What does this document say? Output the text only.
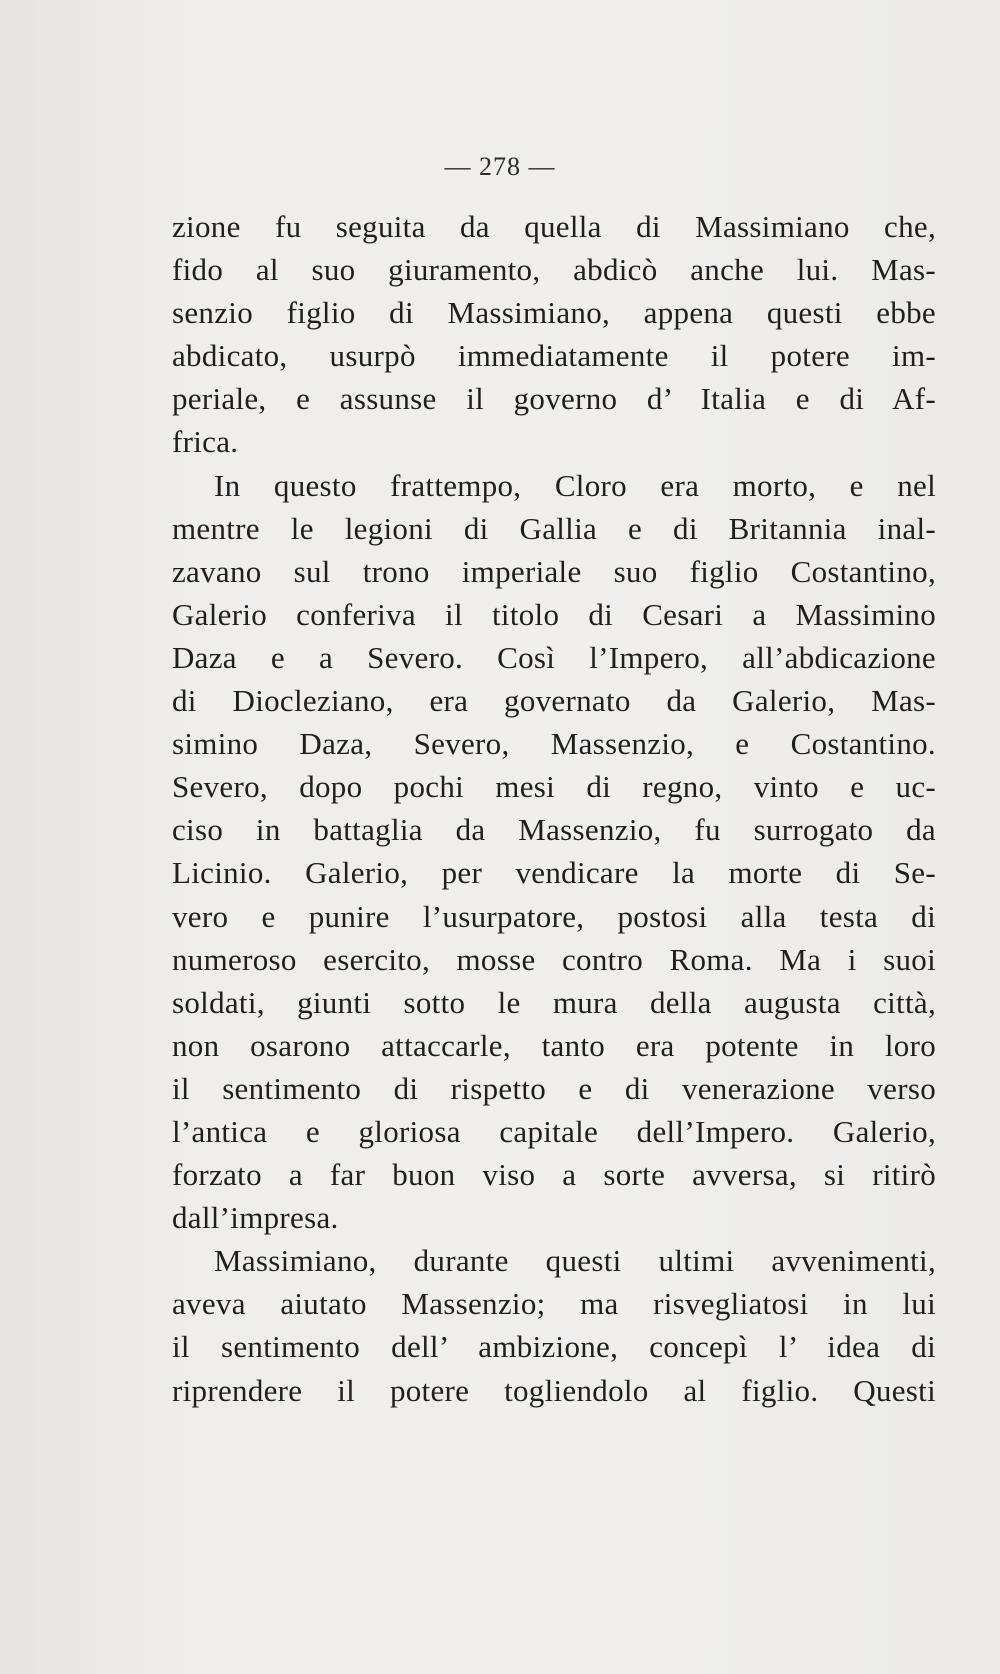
— 278 —
zione fu seguita da quella di Massimiano che,
fido al suo giuramento, abdicò anche lui. Mas-
senzio figlio di Massimiano, appena questi ebbe
abdicato, usurpò immediatamente il potere im-
periale, e assunse il governo d’ Italia e di Af-
frica.
In questo frattempo, Cloro era morto, e nel
mentre le legioni di Gallia e di Britannia inal-
zavano sul trono imperiale suo figlio Costantino,
Galerio conferiva il titolo di Cesari a Massimino
Daza e a Severo. Così l’Impero, all’abdicazione
di Diocleziano, era governato da Galerio, Mas-
simino Daza, Severo, Massenzio, e Costantino.
Severo, dopo pochi mesi di regno, vinto e uc-
ciso in battaglia da Massenzio, fu surrogato da
Licinio. Galerio, per vendicare la morte di Se-
vero e punire l’usurpatore, postosi alla testa di
numeroso esercito, mosse contro Roma. Ma i suoi
soldati, giunti sotto le mura della augusta città,
non osarono attaccarle, tanto era potente in loro
il sentimento di rispetto e di venerazione verso
l’antica e gloriosa capitale dell’Impero. Galerio,
forzato a far buon viso a sorte avversa, si ritirò
dall’impresa.
Massimiano, durante questi ultimi avvenimenti,
aveva aiutato Massenzio; ma risvegliatosi in lui
il sentimento dell’ ambizione, concepì l’ idea di
riprendere il potere togliendolo al figlio. Questi
